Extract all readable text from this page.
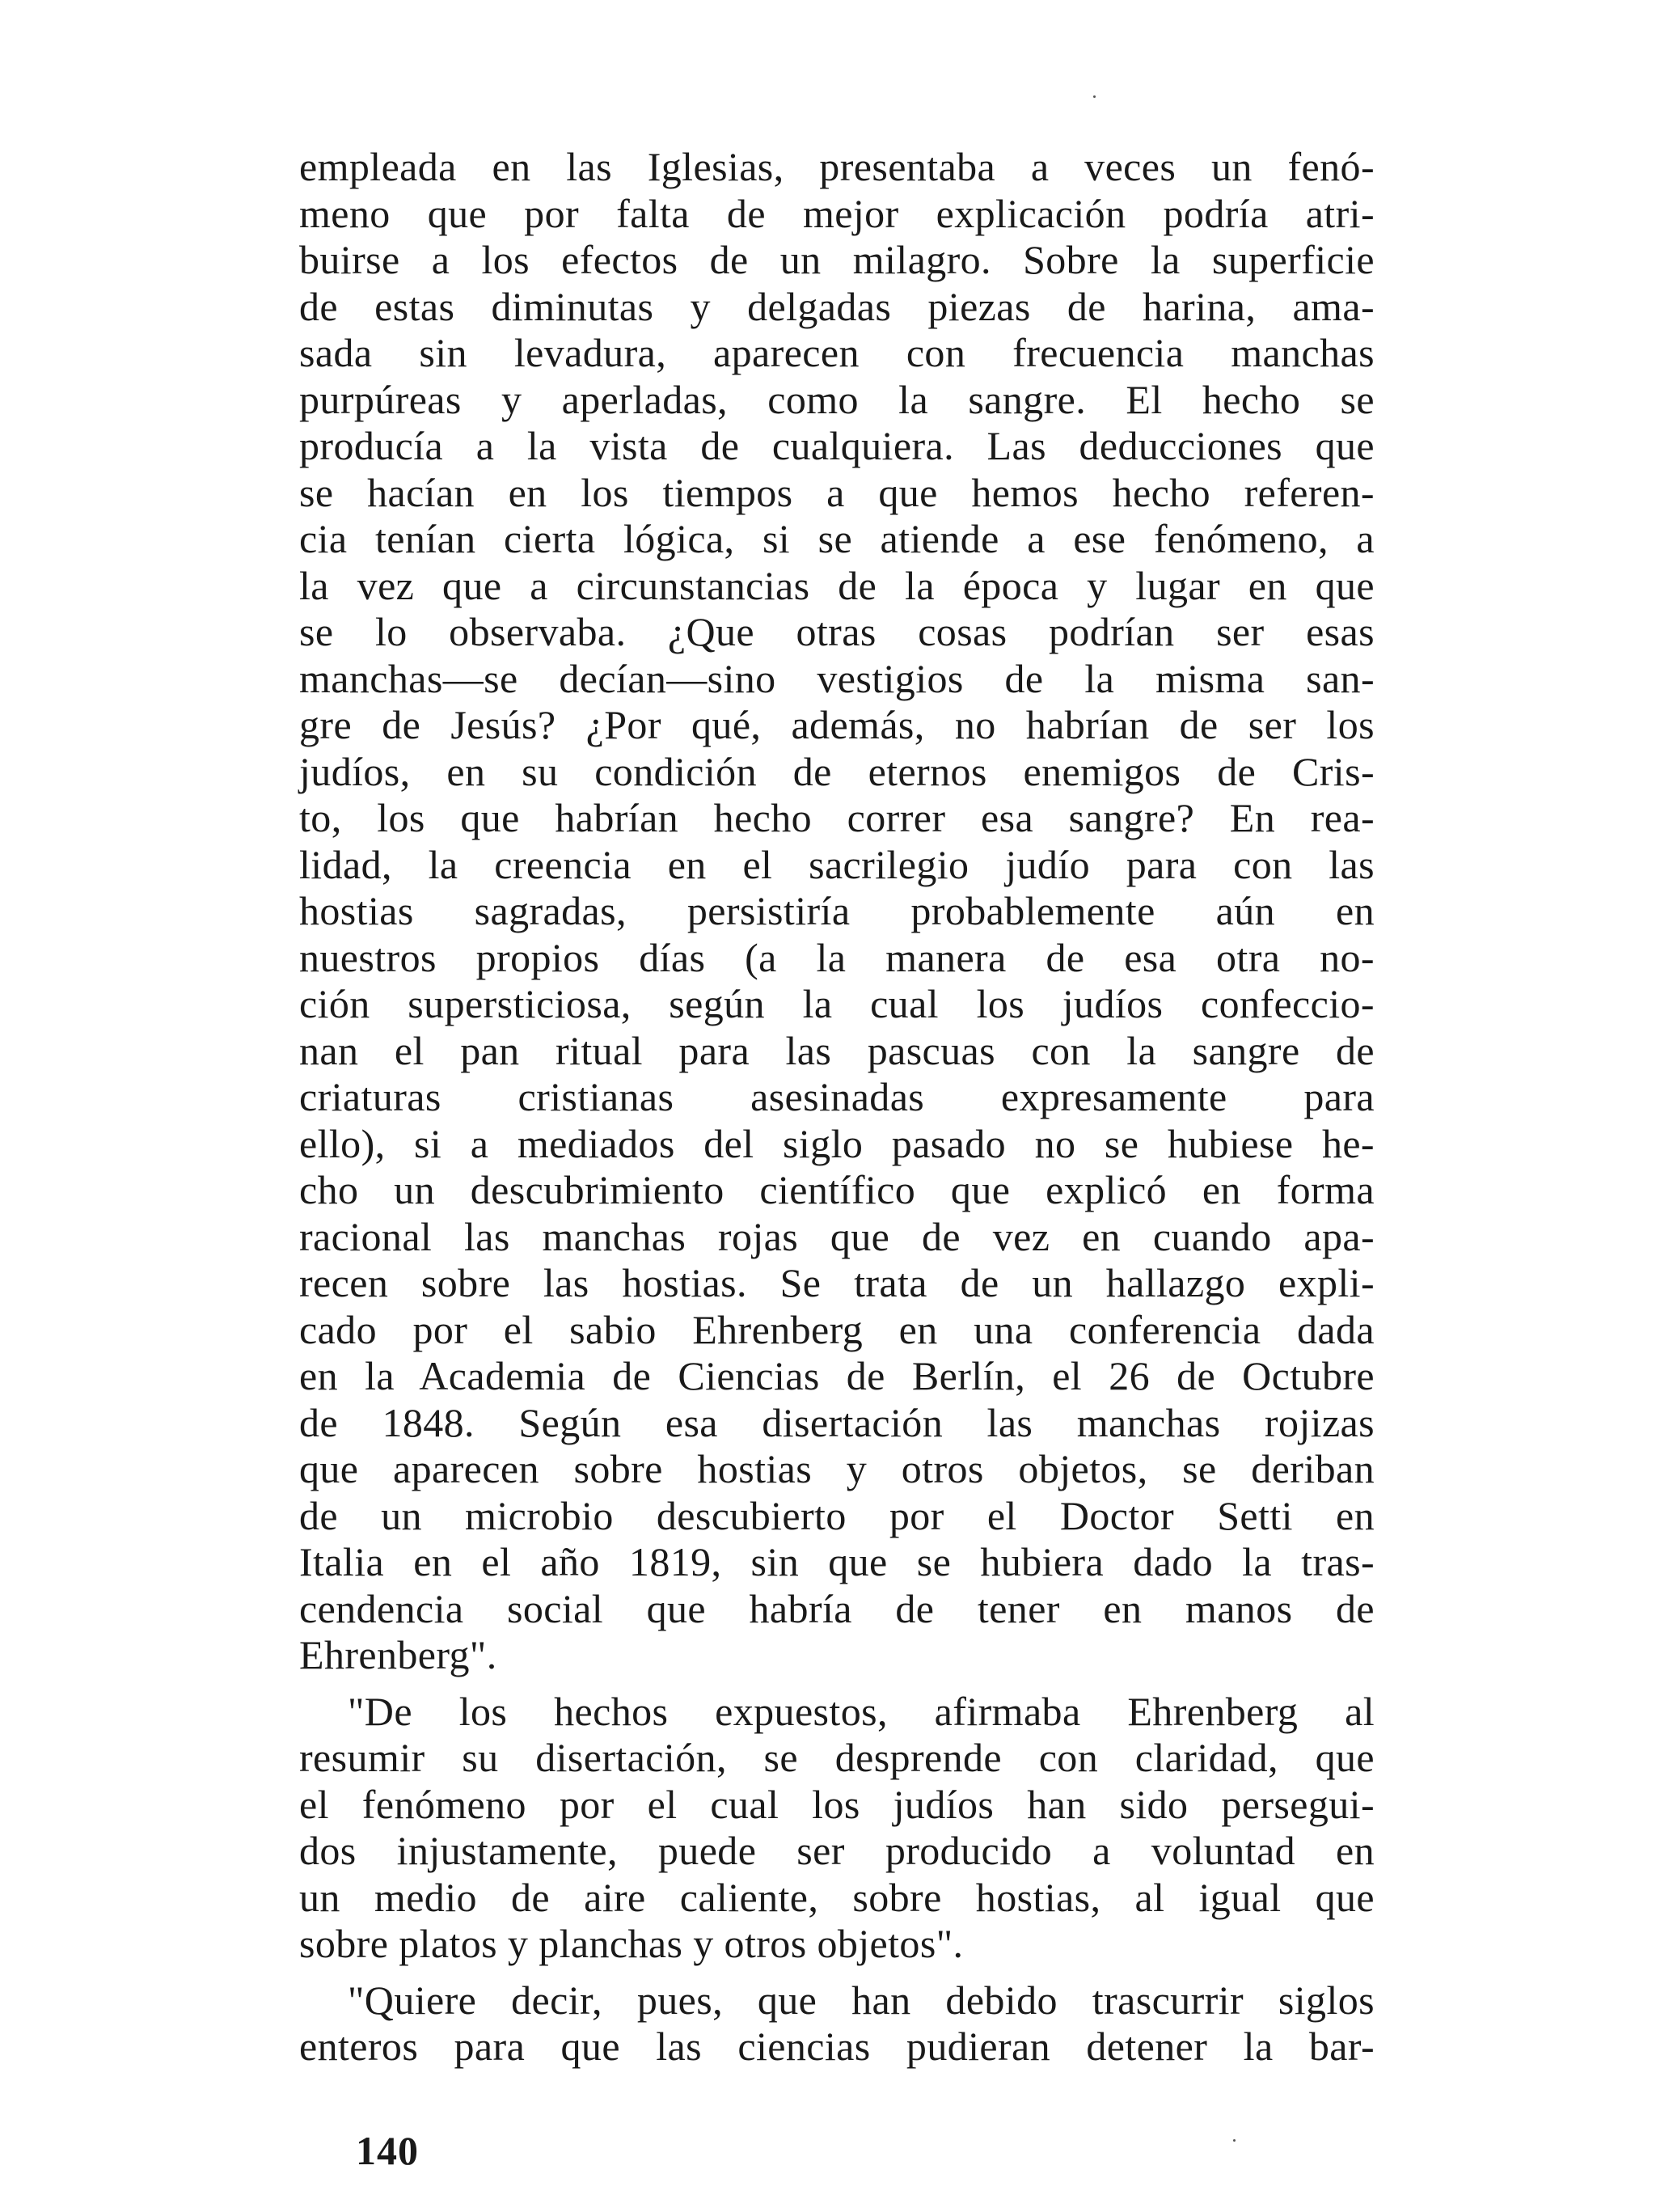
empleada en las Iglesias, presentaba a veces un fenó-
meno que por falta de mejor explicación podría atri-
buirse a los efectos de un milagro. Sobre la superficie
de estas diminutas y delgadas piezas de harina, ama-
sada sin levadura, aparecen con frecuencia manchas
purpúreas y aperladas, como la sangre. El hecho se
producía a la vista de cualquiera. Las deducciones que
se hacían en los tiempos a que hemos hecho referen-
cia tenían cierta lógica, si se atiende a ese fenómeno, a
la vez que a circunstancias de la época y lugar en que
se lo observaba. ¿Que otras cosas podrían ser esas
manchas—se decían—sino vestigios de la misma san-
gre de Jesús? ¿Por qué, además, no habrían de ser los
judíos, en su condición de eternos enemigos de Cris-
to, los que habrían hecho correr esa sangre? En rea-
lidad, la creencia en el sacrilegio judío para con las
hostias sagradas, persistiría probablemente aún en
nuestros propios días (a la manera de esa otra no-
ción supersticiosa, según la cual los judíos confeccio-
nan el pan ritual para las pascuas con la sangre de
criaturas cristianas asesinadas expresamente para
ello), si a mediados del siglo pasado no se hubiese he-
cho un descubrimiento científico que explicó en forma
racional las manchas rojas que de vez en cuando apa-
recen sobre las hostias. Se trata de un hallazgo expli-
cado por el sabio Ehrenberg en una conferencia dada
en la Academia de Ciencias de Berlín, el 26 de Octubre
de 1848. Según esa disertación las manchas rojizas
que aparecen sobre hostias y otros objetos, se deriban
de un microbio descubierto por el Doctor Setti en
Italia en el año 1819, sin que se hubiera dado la tras-
cendencia social que habría de tener en manos de
Ehrenberg".
"De los hechos expuestos, afirmaba Ehrenberg al
resumir su disertación, se desprende con claridad, que
el fenómeno por el cual los judíos han sido persegui-
dos injustamente, puede ser producido a voluntad en
un medio de aire caliente, sobre hostias, al igual que
sobre platos y planchas y otros objetos".
"Quiere decir, pues, que han debido trascurrir siglos
enteros para que las ciencias pudieran detener la bar-
140
